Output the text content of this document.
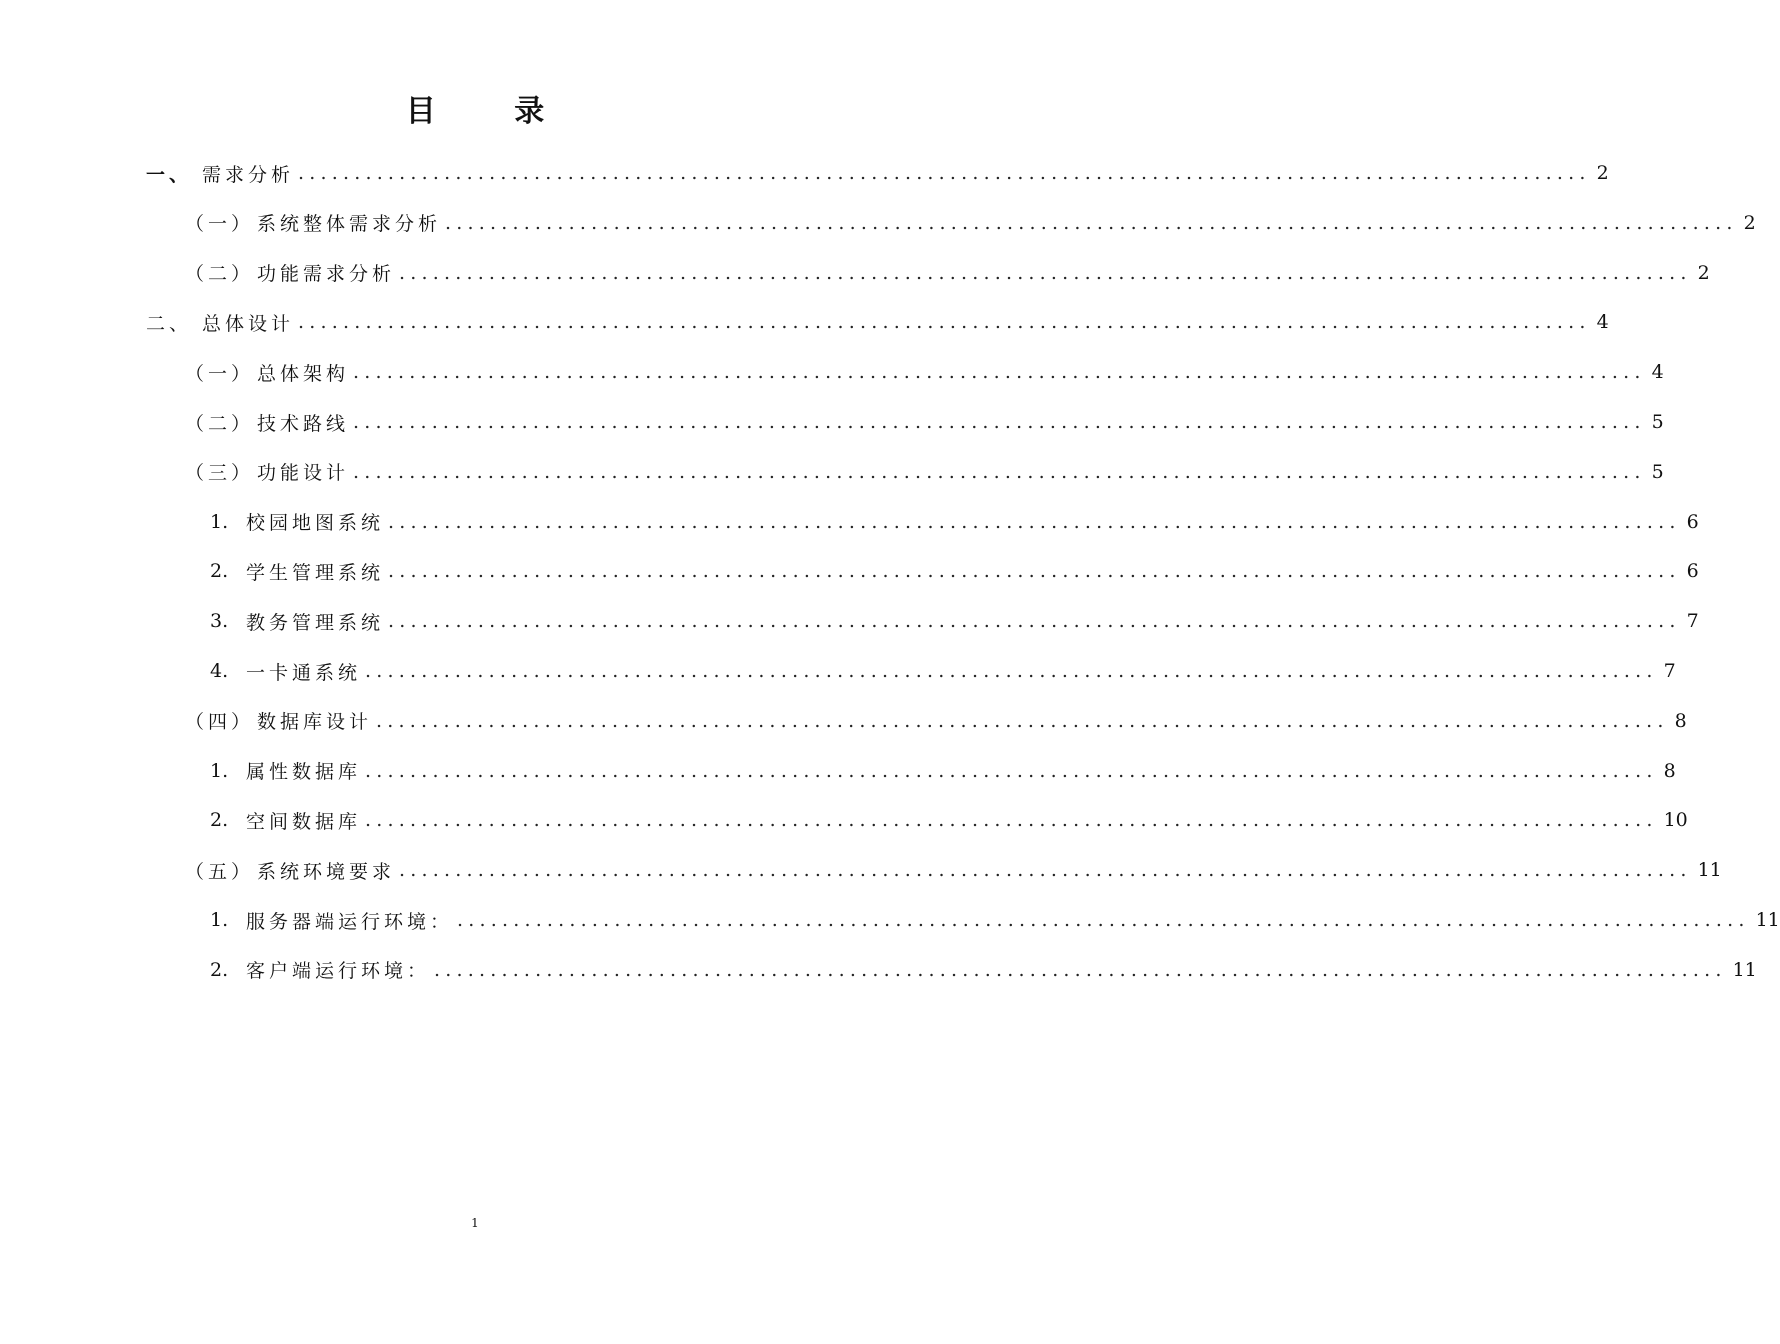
目 录
一、 需求分析 ................................................................................................................... 2
（一） 系统整体需求分析 ................................................................................................................... 2
（二） 功能需求分析 ................................................................................................................... 2
二、 总体设计 ................................................................................................................... 4
（一） 总体架构 ................................................................................................................... 4
（二） 技术路线 ................................................................................................................... 5
（三） 功能设计 ................................................................................................................... 5
1. 校园地图系统 ................................................................................................................... 6
2. 学生管理系统 ................................................................................................................... 6
3. 教务管理系统 ................................................................................................................... 7
4. 一卡通系统 ................................................................................................................... 7
（四） 数据库设计 ................................................................................................................... 8
1. 属性数据库 ................................................................................................................... 8
2. 空间数据库 ................................................................................................................... 10
（五） 系统环境要求 ................................................................................................................... 11
1. 服务器端运行环境： ................................................................................................................... 11
2. 客户端运行环境： ................................................................................................................... 11
1
